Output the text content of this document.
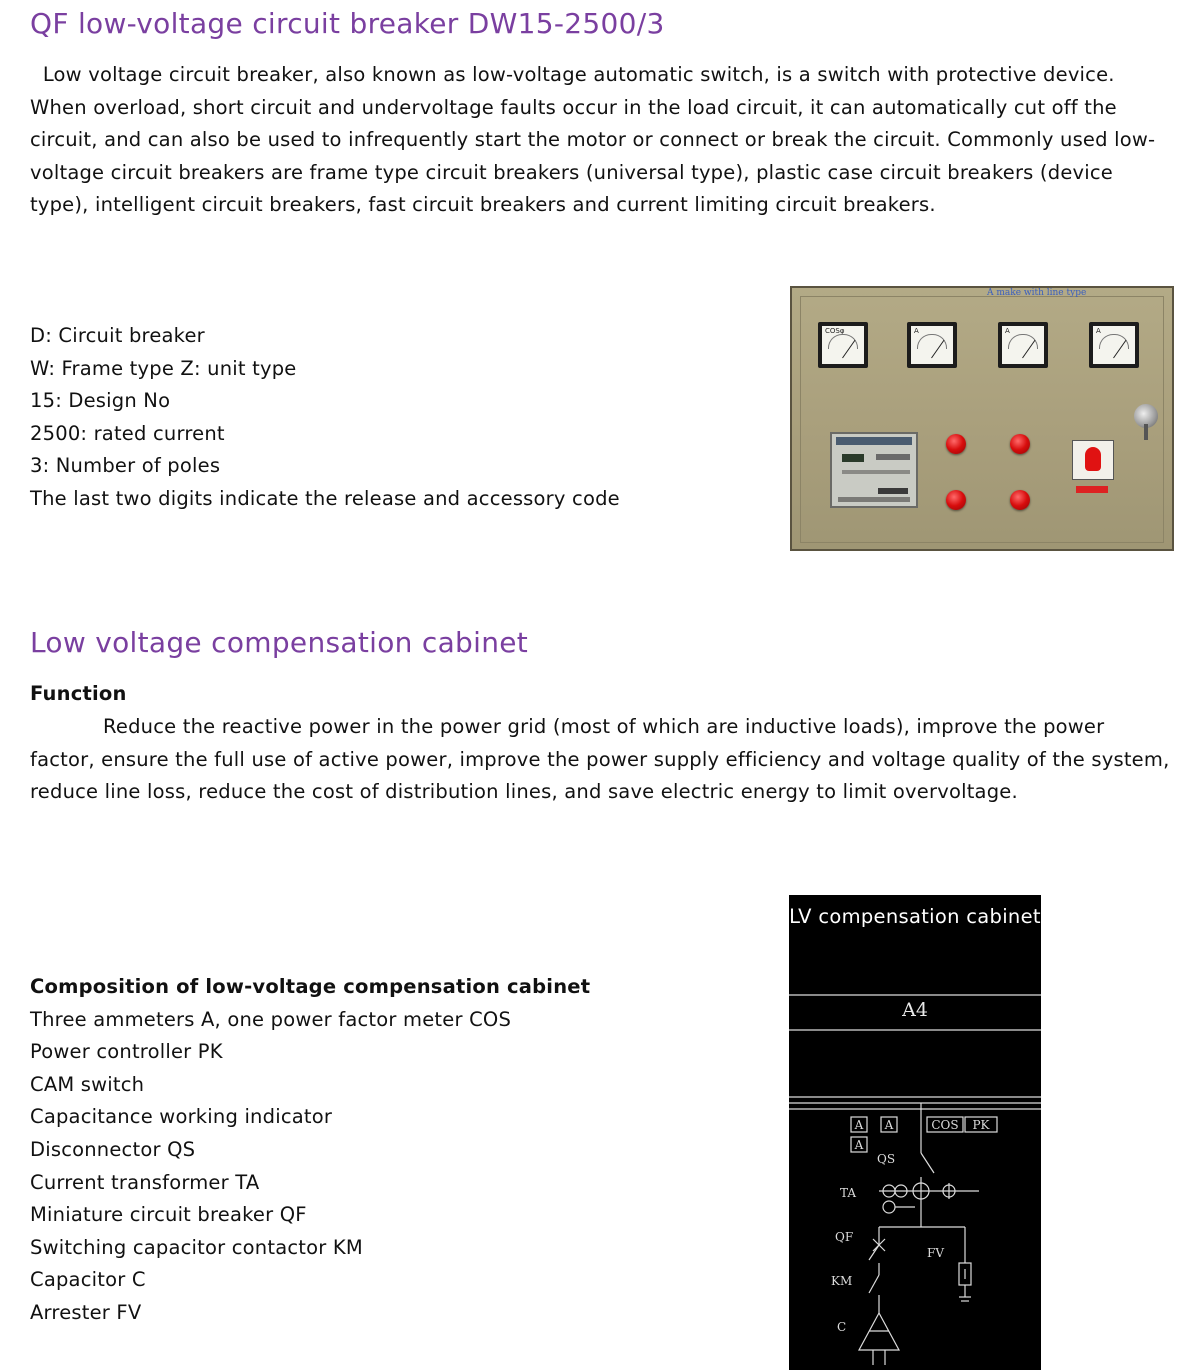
QF low-voltage circuit breaker DW15-2500/3
Low voltage circuit breaker, also known as low-voltage automatic switch, is a switch with protective device. When overload, short circuit and undervoltage faults occur in the load circuit, it can automatically cut off the circuit, and can also be used to infrequently start the motor or connect or break the circuit. Commonly used low-voltage circuit breakers are frame type circuit breakers (universal type), plastic case circuit breakers (device type), intelligent circuit breakers, fast circuit breakers and current limiting circuit breakers.
D: Circuit breaker
W: Frame type Z: unit type
15: Design No
2500: rated current
3: Number of poles
The last two digits indicate the release and accessory code
A make with line type
COSφ	A	A	A
Low voltage compensation cabinet
Function
Reduce the reactive power in the power grid (most of which are inductive loads), improve the power factor, ensure the full use of active power, improve the power supply efficiency and voltage quality of the system, reduce line loss, reduce the cost of distribution lines, and save electric energy to limit overvoltage.
Composition of low-voltage compensation cabinet
Three ammeters A, one power factor meter COS
Power controller PK
CAM switch
Capacitance working indicator
Disconnector QS
Current transformer TA
Miniature circuit breaker QF
Switching capacitor contactor KM
Capacitor C
Arrester FV
LV compensation cabinet
A4
A A
A
COS PK
QS
TA
QF
FV
KM
C
